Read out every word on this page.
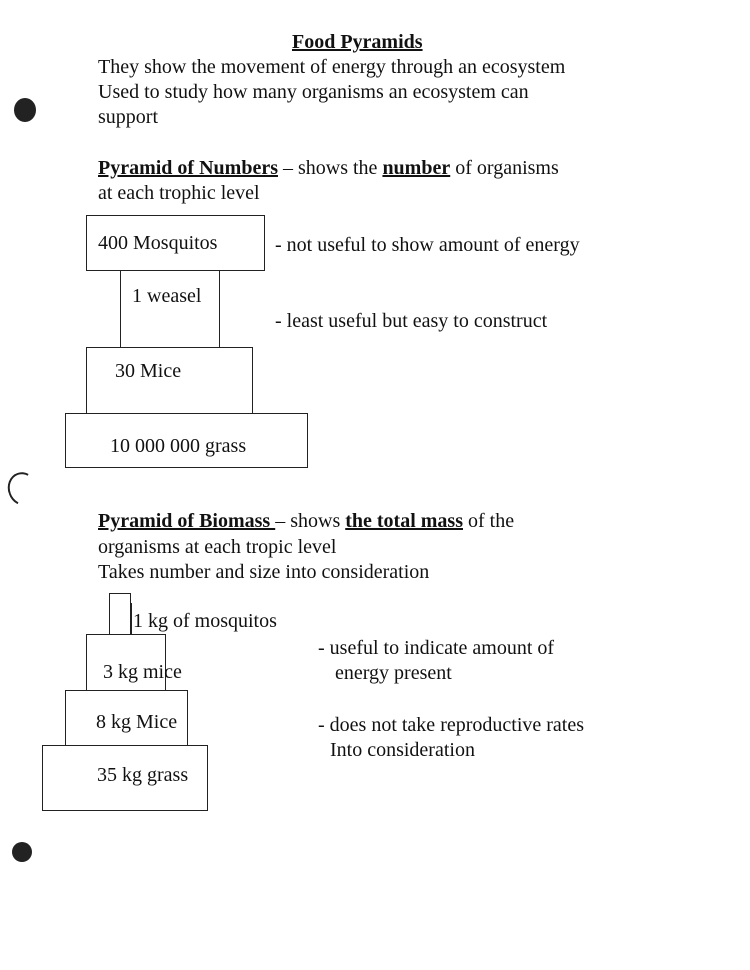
Food Pyramids
They show the movement of energy through an ecosystem
Used to study how many organisms an ecosystem can
support
Pyramid of Numbers – shows the number of organisms
at each trophic level
400 Mosquitos
1 weasel
30 Mice
10 000 000 grass
- not useful to show amount of energy
- least useful but easy to construct
Pyramid of Biomass – shows the total mass of the
organisms at each tropic level
Takes number and size into consideration
1 kg of mosquitos
3 kg mice
8 kg Mice
35 kg grass
- useful to indicate amount of
energy present
- does not take reproductive rates
Into consideration
